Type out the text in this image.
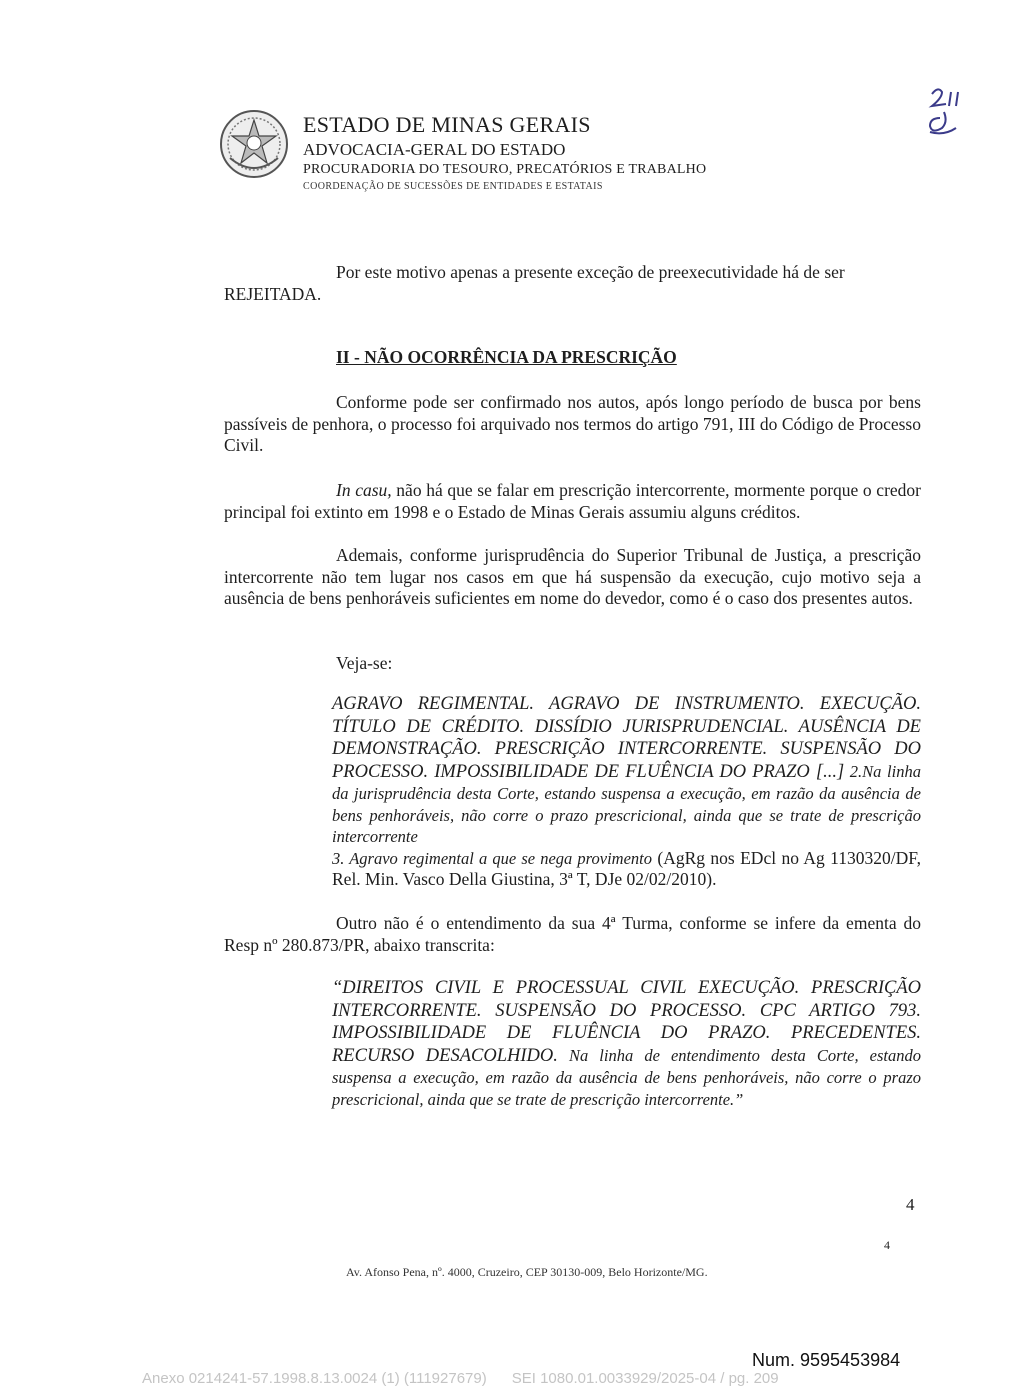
ESTADO DE MINAS GERAIS
ADVOCACIA-GERAL DO ESTADO
PROCURADORIA DO TESOURO, PRECATÓRIOS E TRABALHO
COORDENAÇÃO DE SUCESSÕES DE ENTIDADES E ESTATAIS
Por este motivo apenas a presente exceção de preexecutividade há de ser
REJEITADA.
II - NÃO OCORRÊNCIA DA PRESCRIÇÃO
Conforme pode ser confirmado nos autos, após longo período de busca por bens passíveis de penhora, o processo foi arquivado nos termos do artigo 791, III do Código de Processo Civil.
In casu, não há que se falar em prescrição intercorrente, mormente porque o credor principal foi extinto em 1998 e o Estado de Minas Gerais assumiu alguns créditos.
Ademais, conforme jurisprudência do Superior Tribunal de Justiça, a prescrição intercorrente não tem lugar nos casos em que há suspensão da execução, cujo motivo seja a ausência de bens penhoráveis suficientes em nome do devedor, como é o caso dos presentes autos.
Veja-se:
AGRAVO REGIMENTAL. AGRAVO DE INSTRUMENTO. EXECUÇÃO. TÍTULO DE CRÉDITO. DISSÍDIO JURISPRUDENCIAL. AUSÊNCIA DE DEMONSTRAÇÃO. PRESCRIÇÃO INTERCORRENTE. SUSPENSÃO DO PROCESSO. IMPOSSIBILIDADE DE FLUÊNCIA DO PRAZO [...] 2.Na linha da jurisprudência desta Corte, estando suspensa a execução, em razão da ausência de bens penhoráveis, não corre o prazo prescricional, ainda que se trate de prescrição intercorrente
3. Agravo regimental a que se nega provimento (AgRg nos EDcl no Ag 1130320/DF, Rel. Min. Vasco Della Giustina, 3ª T, DJe 02/02/2010).
Outro não é o entendimento da sua 4ª Turma, conforme se infere da ementa do Resp nº 280.873/PR, abaixo transcrita:
“DIREITOS CIVIL E PROCESSUAL CIVIL EXECUÇÃO. PRESCRIÇÃO INTERCORRENTE. SUSPENSÃO DO PROCESSO. CPC ARTIGO 793. IMPOSSIBILIDADE DE FLUÊNCIA DO PRAZO. PRECEDENTES. RECURSO DESACOLHIDO. Na linha de entendimento desta Corte, estando suspensa a execução, em razão da ausência de bens penhoráveis, não corre o prazo prescricional, ainda que se trate de prescrição intercorrente.”
4
4
Av. Afonso Pena, nº. 4000, Cruzeiro, CEP 30130-009, Belo Horizonte/MG.
Num. 9595453984
Anexo 0214241-57.1998.8.13.0024 (1) (111927679)      SEI 1080.01.0033929/2025-04 / pg. 209
